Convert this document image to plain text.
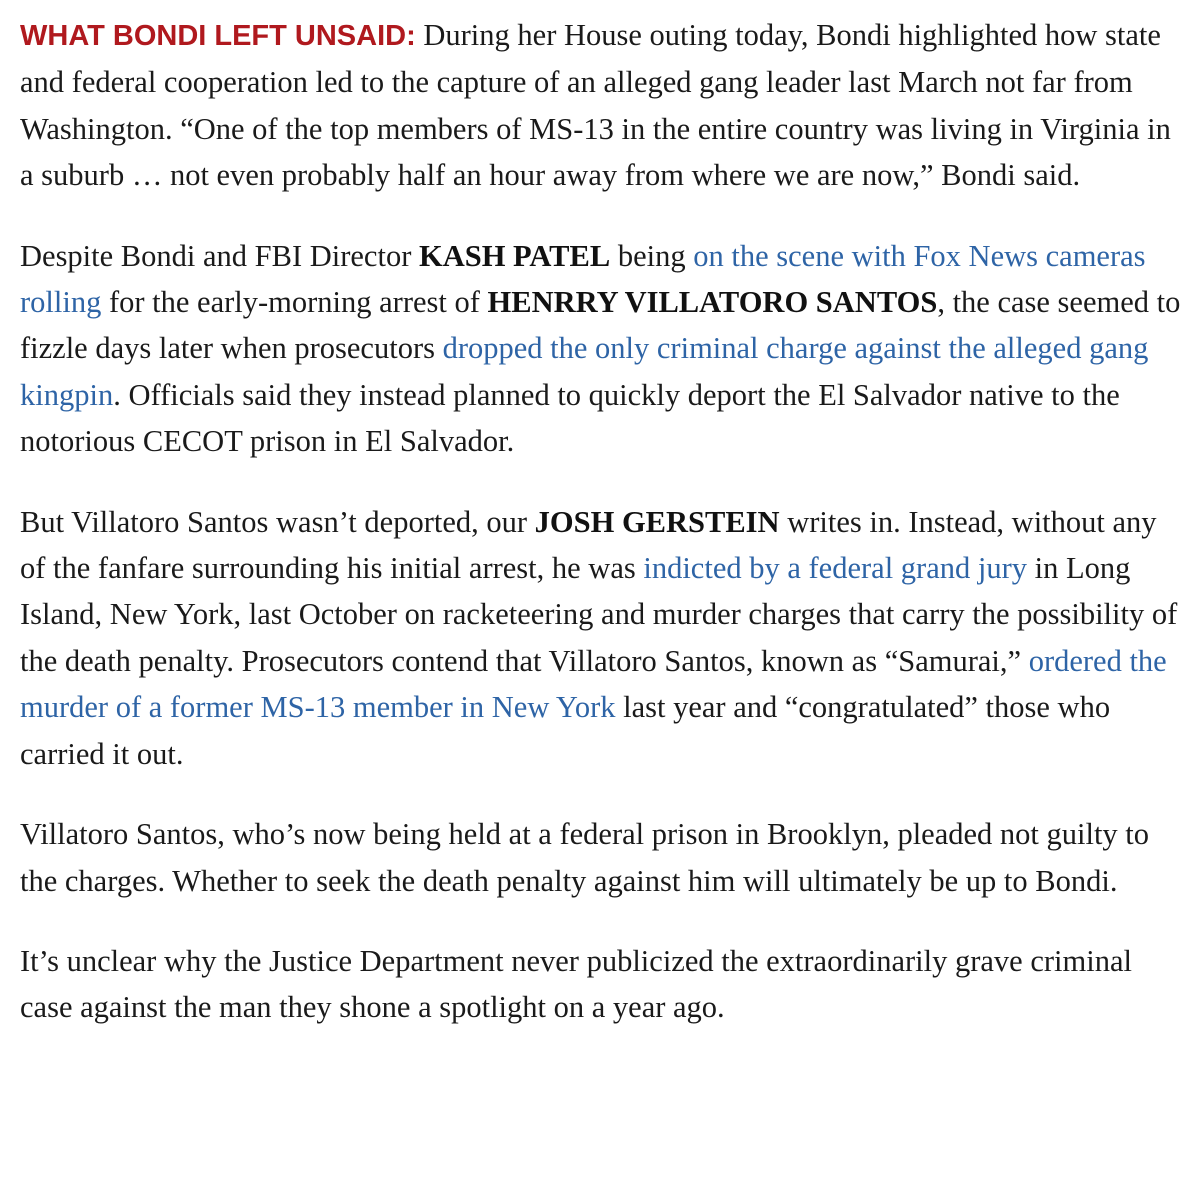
WHAT BONDI LEFT UNSAID: During her House outing today, Bondi highlighted how state and federal cooperation led to the capture of an alleged gang leader last March not far from Washington. “One of the top members of MS-13 in the entire country was living in Virginia in a suburb … not even probably half an hour away from where we are now,” Bondi said.

Despite Bondi and FBI Director KASH PATEL being on the scene with Fox News cameras rolling for the early-morning arrest of HENRRY VILLATORO SANTOS, the case seemed to fizzle days later when prosecutors dropped the only criminal charge against the alleged gang kingpin. Officials said they instead planned to quickly deport the El Salvador native to the notorious CECOT prison in El Salvador.

But Villatoro Santos wasn’t deported, our JOSH GERSTEIN writes in. Instead, without any of the fanfare surrounding his initial arrest, he was indicted by a federal grand jury in Long Island, New York, last October on racketeering and murder charges that carry the possibility of the death penalty. Prosecutors contend that Villatoro Santos, known as “Samurai,” ordered the murder of a former MS-13 member in New York last year and “congratulated” those who carried it out.

Villatoro Santos, who’s now being held at a federal prison in Brooklyn, pleaded not guilty to the charges. Whether to seek the death penalty against him will ultimately be up to Bondi.

It’s unclear why the Justice Department never publicized the extraordinarily grave criminal case against the man they shone a spotlight on a year ago.
